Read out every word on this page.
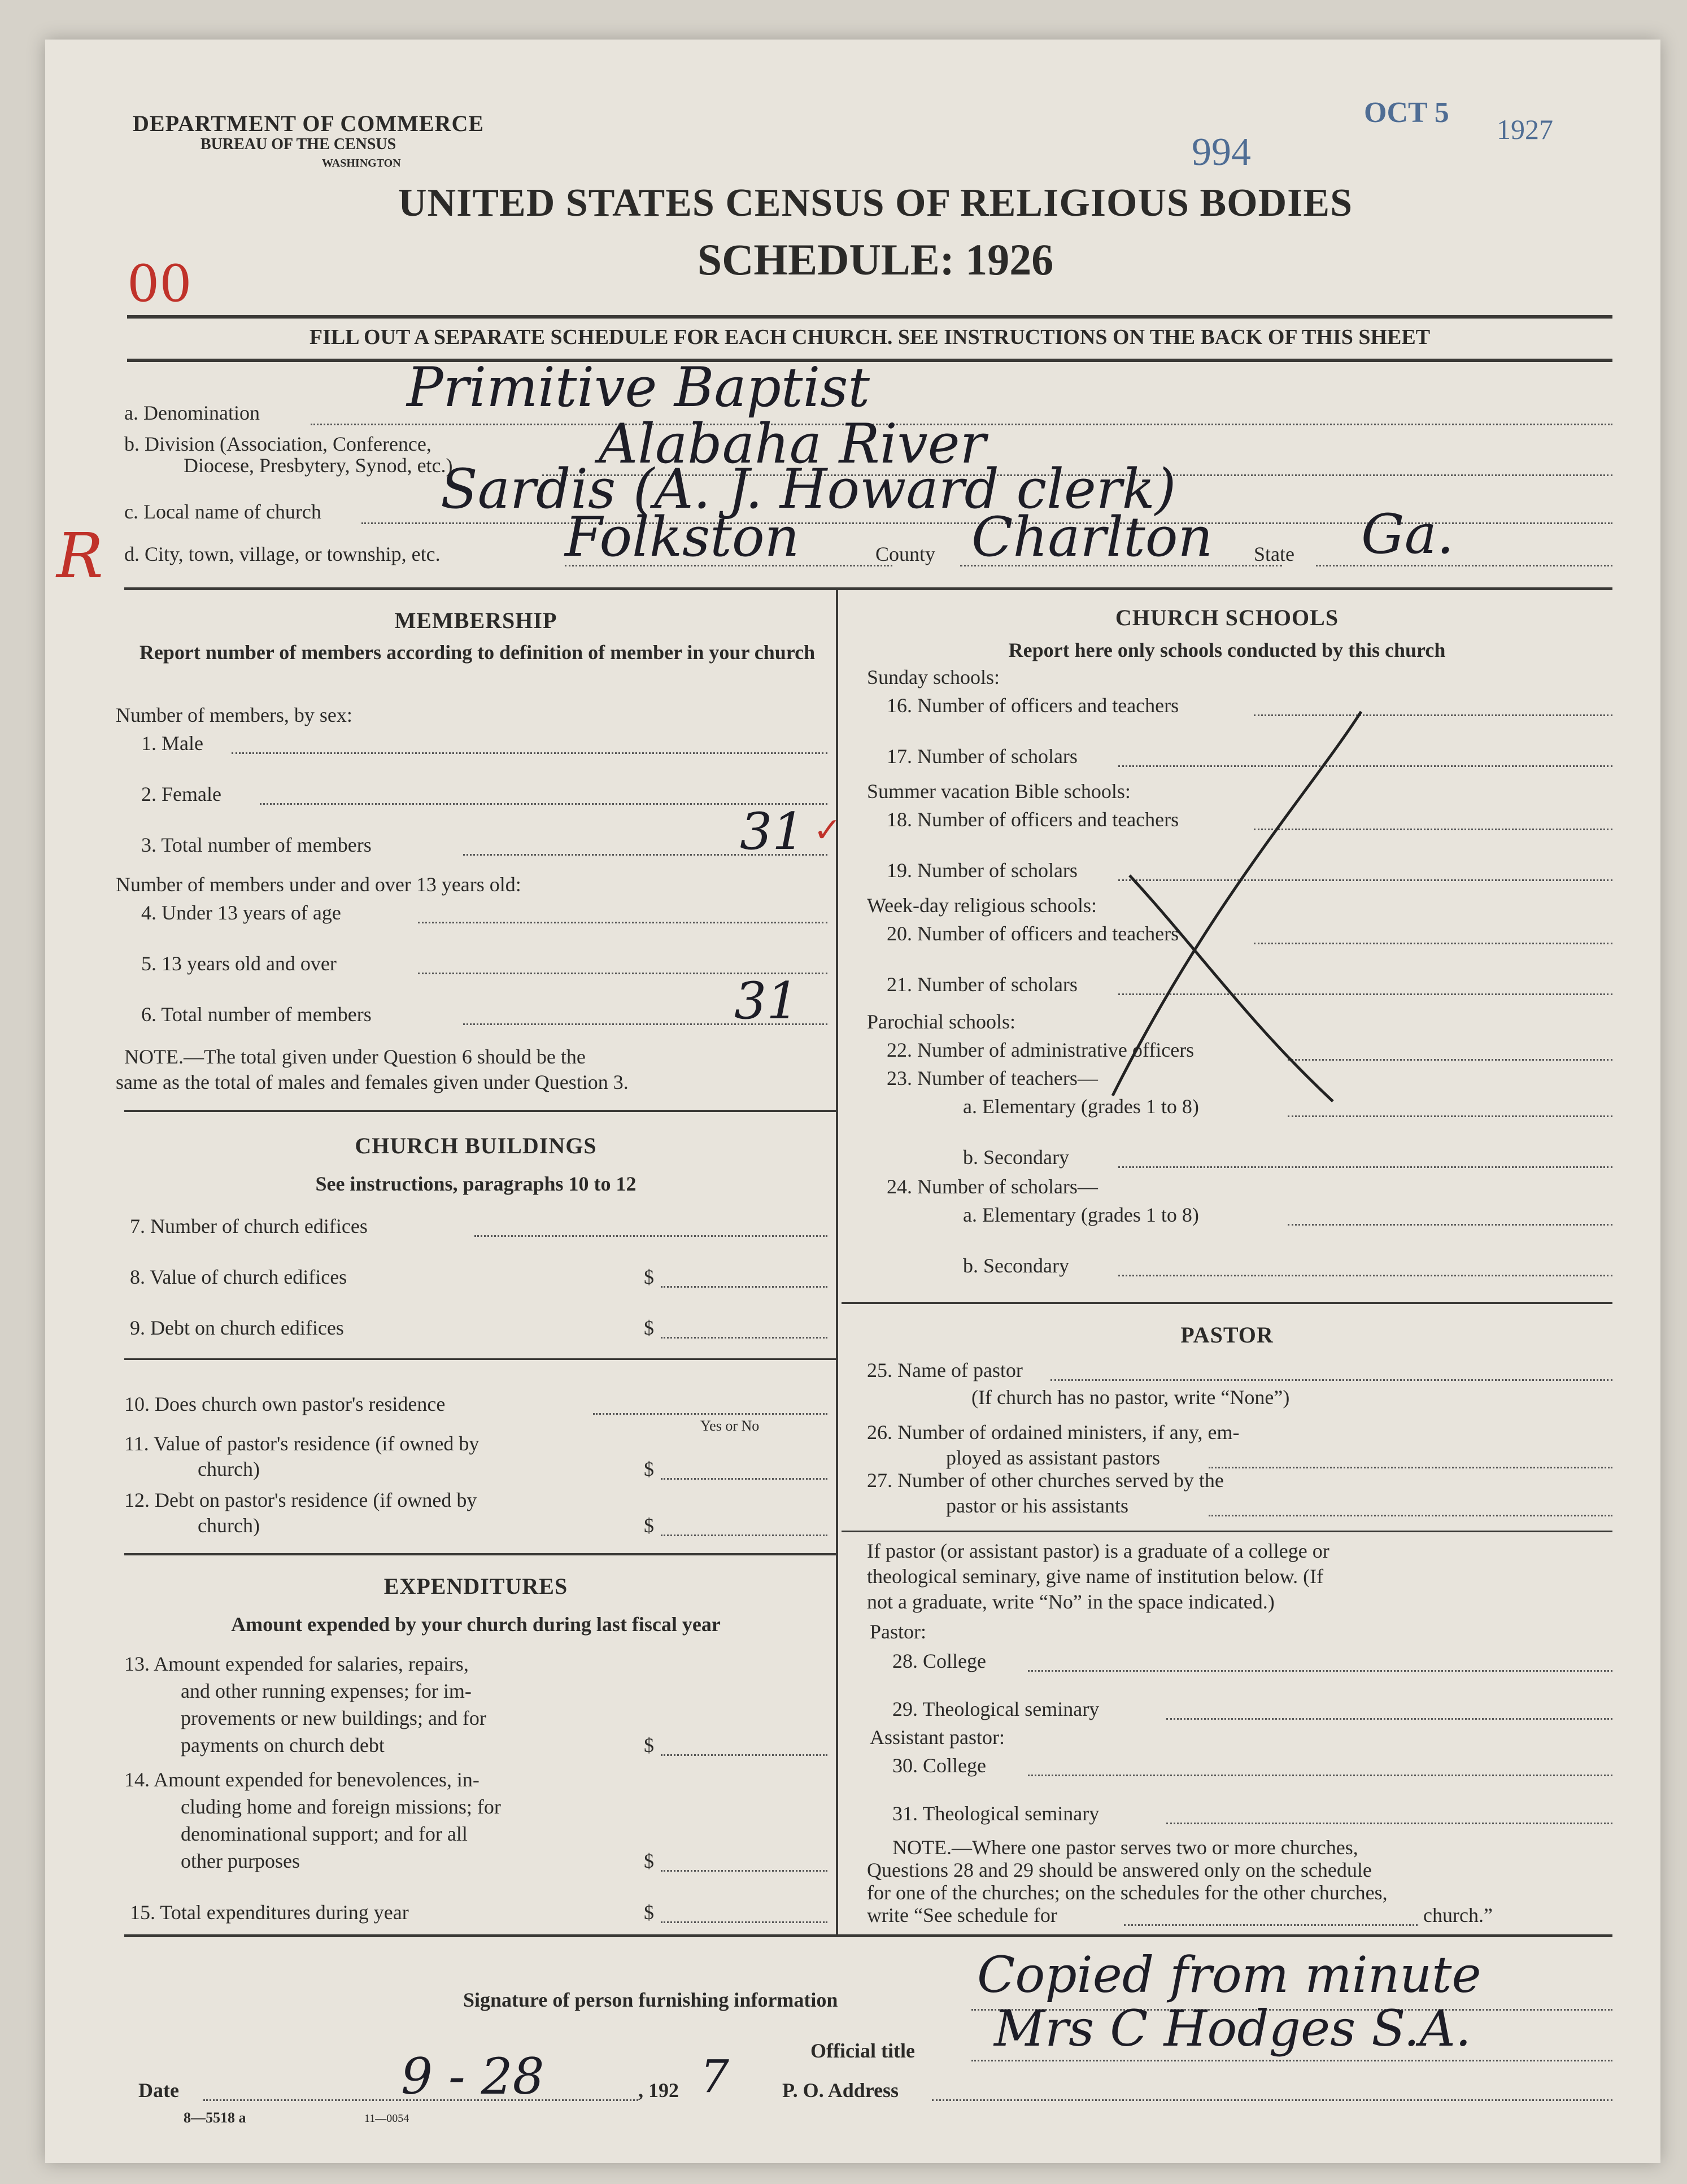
DEPARTMENT OF COMMERCE
BUREAU OF THE CENSUS
WASHINGTON
OCT 5
1927
994
UNITED STATES CENSUS OF RELIGIOUS BODIES
SCHEDULE: 1926
00
FILL OUT A SEPARATE SCHEDULE FOR EACH CHURCH. SEE INSTRUCTIONS ON THE BACK OF THIS SHEET
a. Denomination	Primitive Baptist
b. Division (Association, Conference,
Diocese, Presbytery, Synod, etc.)	Alabaha River
c. Local name of church Sardis (A. J. Howard clerk)
R d. City, town, village, or township, etc. Folkston	County Charlton State Ga.
MEMBERSHIP
Report number of members according to definition of member in your church
Number of members, by sex:
1. Male
2. Female
3. Total number of members	31 ✓
Number of members under and over 13 years old:
4. Under 13 years of age
5. 13 years old and over
6. Total number of members	31
NOTE.—The total given under Question 6 should be the
same as the total of males and females given under Question 3.
CHURCH BUILDINGS
See instructions, paragraphs 10 to 12
7. Number of church edifices
8. Value of church edifices	$
9. Debt on church edifices	$
10. Does church own pastor's residence
Yes or No
11. Value of pastor's residence (if owned by
church)	$
12. Debt on pastor's residence (if owned by
church)	$
EXPENDITURES
Amount expended by your church during last fiscal year
13. Amount expended for salaries, repairs,
and other running expenses; for im-
provements or new buildings; and for
payments on church debt	$
14. Amount expended for benevolences, in-
cluding home and foreign missions; for
denominational support; and for all
other purposes	$
15. Total expenditures during year	$
CHURCH SCHOOLS
Report here only schools conducted by this church
Sunday schools:
16. Number of officers and teachers
17. Number of scholars
Summer vacation Bible schools:
18. Number of officers and teachers
19. Number of scholars
Week-day religious schools:
20. Number of officers and teachers
21. Number of scholars
Parochial schools:
22. Number of administrative officers
23. Number of teachers—
a. Elementary (grades 1 to 8)
b. Secondary
24. Number of scholars—
a. Elementary (grades 1 to 8)
b. Secondary
PASTOR
25. Name of pastor
(If church has no pastor, write “None”)
26. Number of ordained ministers, if any, em-
ployed as assistant pastors
27. Number of other churches served by the
pastor or his assistants
If pastor (or assistant pastor) is a graduate of a college or
theological seminary, give name of institution below. (If
not a graduate, write “No” in the space indicated.)
Pastor:
28. College
29. Theological seminary
Assistant pastor:
30. College
31. Theological seminary
NOTE.—Where one pastor serves two or more churches,
Questions 28 and 29 should be answered only on the schedule
for one of the churches; on the schedules for the other churches,
write “See schedule for	church.”
Signature of person furnishing information	Copied from minute
Official title Mrs C Hodges S.A.
Date	9 - 28	, 192 7	P. O. Address
8—5518 a	11—0054
